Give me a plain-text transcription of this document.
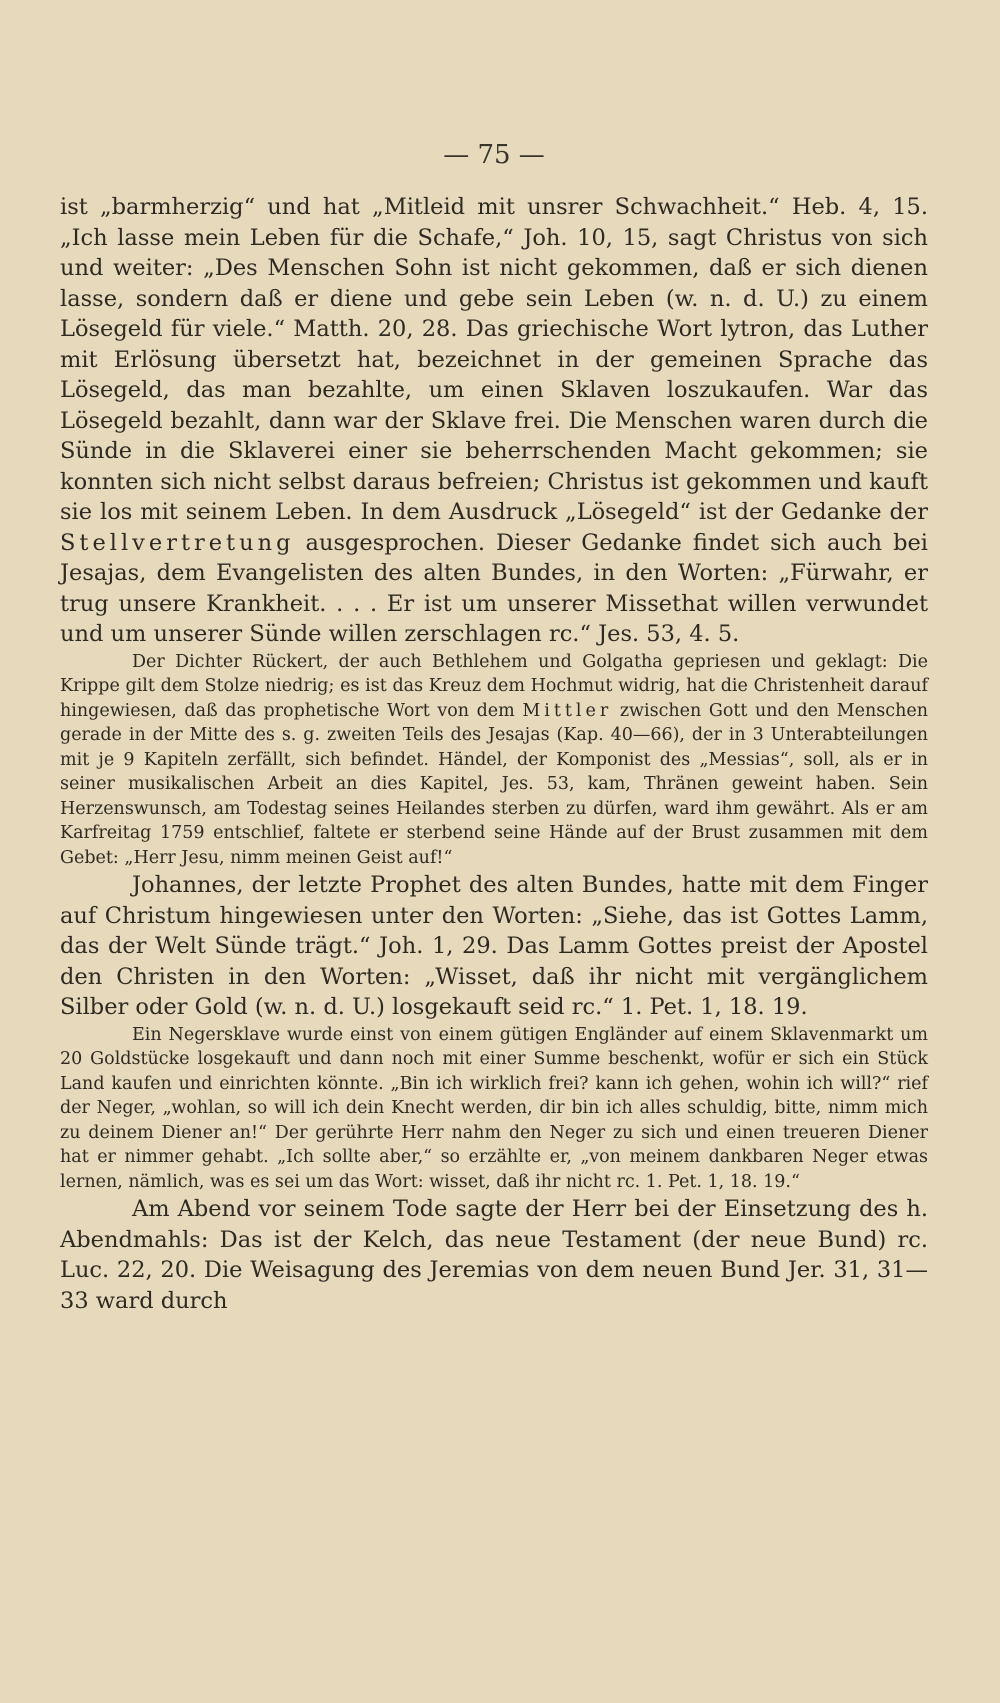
— 75 —

ist „barmherzig“ und hat „Mitleid mit unsrer Schwachheit.“ Heb. 4, 15. „Ich lasse mein Leben für die Schafe,“ Joh. 10, 15, sagt Christus von sich und weiter: „Des Menschen Sohn ist nicht gekommen, daß er sich dienen lasse, sondern daß er diene und gebe sein Leben (w. n. d. U.) zu einem Lösegeld für viele.“ Matth. 20, 28. Das griechische Wort lytron, das Luther mit Erlösung übersetzt hat, bezeichnet in der gemeinen Sprache das Lösegeld, das man bezahlte, um einen Sklaven loszukaufen. War das Lösegeld bezahlt, dann war der Sklave frei. Die Menschen waren durch die Sünde in die Sklaverei einer sie beherrschenden Macht gekommen; sie konnten sich nicht selbst daraus befreien; Christus ist gekommen und kauft sie los mit seinem Leben. In dem Ausdruck „Lösegeld“ ist der Gedanke der Stellvertretung ausgesprochen. Dieser Gedanke findet sich auch bei Jesajas, dem Evangelisten des alten Bundes, in den Worten: „Fürwahr, er trug unsere Krankheit. . . . Er ist um unserer Missethat willen verwundet und um unserer Sünde willen zerschlagen rc.“ Jes. 53, 4. 5.

Der Dichter Rückert, der auch Bethlehem und Golgatha gepriesen und geklagt: Die Krippe gilt dem Stolze niedrig; es ist das Kreuz dem Hochmut widrig, hat die Christenheit darauf hingewiesen, daß das prophetische Wort von dem Mittler zwischen Gott und den Menschen gerade in der Mitte des s. g. zweiten Teils des Jesajas (Kap. 40—66), der in 3 Unterabteilungen mit je 9 Kapiteln zerfällt, sich befindet. Händel, der Komponist des „Messias“, soll, als er in seiner musikalischen Arbeit an dies Kapitel, Jes. 53, kam, Thränen geweint haben. Sein Herzenswunsch, am Todestag seines Heilandes sterben zu dürfen, ward ihm gewährt. Als er am Karfreitag 1759 entschlief, faltete er sterbend seine Hände auf der Brust zusammen mit dem Gebet: „Herr Jesu, nimm meinen Geist auf!“

Johannes, der letzte Prophet des alten Bundes, hatte mit dem Finger auf Christum hingewiesen unter den Worten: „Siehe, das ist Gottes Lamm, das der Welt Sünde trägt.“ Joh. 1, 29. Das Lamm Gottes preist der Apostel den Christen in den Worten: „Wisset, daß ihr nicht mit vergänglichem Silber oder Gold (w. n. d. U.) losgekauft seid rc.“ 1. Pet. 1, 18. 19.

Ein Negersklave wurde einst von einem gütigen Engländer auf einem Sklavenmarkt um 20 Goldstücke losgekauft und dann noch mit einer Summe beschenkt, wofür er sich ein Stück Land kaufen und einrichten könnte. „Bin ich wirklich frei? kann ich gehen, wohin ich will?“ rief der Neger, „wohlan, so will ich dein Knecht werden, dir bin ich alles schuldig, bitte, nimm mich zu deinem Diener an!“ Der gerührte Herr nahm den Neger zu sich und einen treueren Diener hat er nimmer gehabt. „Ich sollte aber,“ so erzählte er, „von meinem dankbaren Neger etwas lernen, nämlich, was es sei um das Wort: wisset, daß ihr nicht rc. 1. Pet. 1, 18. 19.“

Am Abend vor seinem Tode sagte der Herr bei der Einsetzung des h. Abendmahls: Das ist der Kelch, das neue Testament (der neue Bund) rc. Luc. 22, 20. Die Weisagung des Jeremias von dem neuen Bund Jer. 31, 31—33 ward durch
